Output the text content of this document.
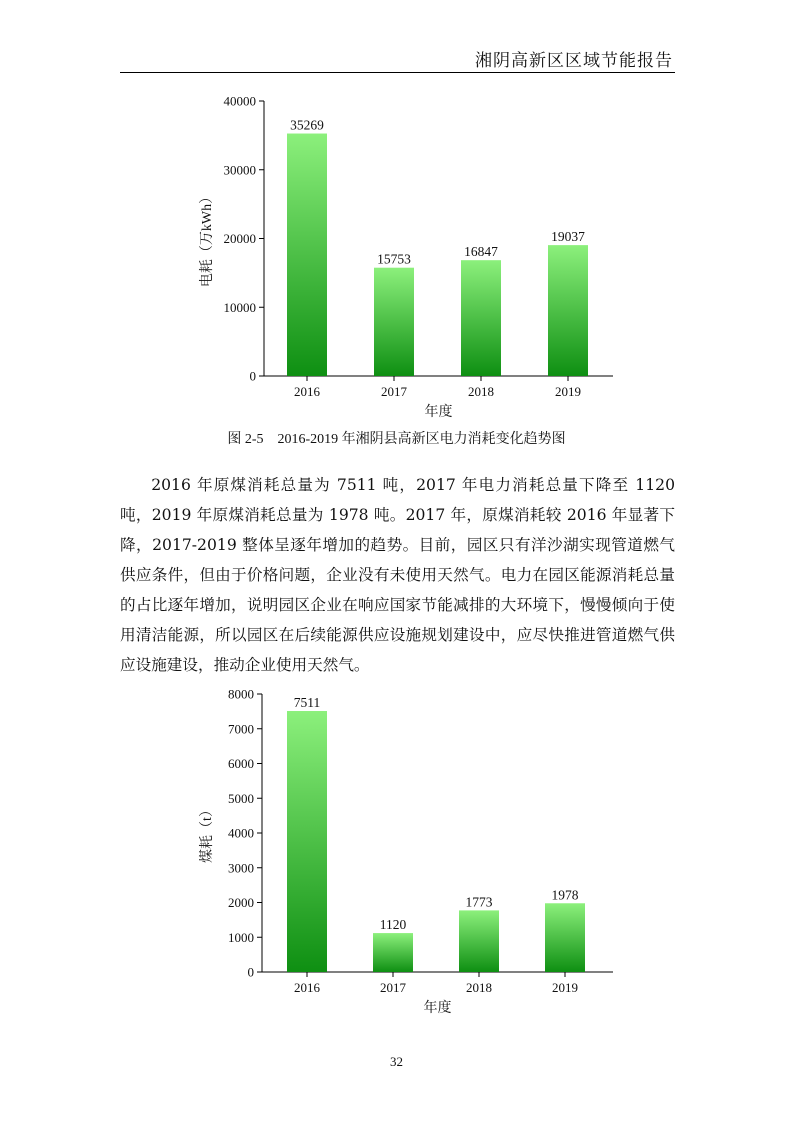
湘阴高新区区域节能报告
0
10000
20000
30000
40000
35269
2016
15753
2017
16847
2018
19037
2019
年度
电耗（万kWh）
图 2-5　2016-2019 年湘阴县高新区电力消耗变化趋势图

2016 年原煤消耗总量为 7511 吨，2017 年电力消耗总量下降至 1120 吨，2019 年原煤消耗总量为 1978 吨。2017 年，原煤消耗较 2016 年显著下降，2017-2019 整体呈逐年增加的趋势。目前，园区只有洋沙湖实现管道燃气供应条件，但由于价格问题，企业没有未使用天然气。电力在园区能源消耗总量的占比逐年增加，说明园区企业在响应国家节能减排的大环境下，慢慢倾向于使用清洁能源，所以园区在后续能源供应设施规划建设中，应尽快推进管道燃气供应设施建设，推动企业使用天然气。

0
1000
2000
3000
4000
5000
6000
7000
8000
7511
2016
1120
2017
1773
2018
1978
2019
年度
煤耗（t）
32
